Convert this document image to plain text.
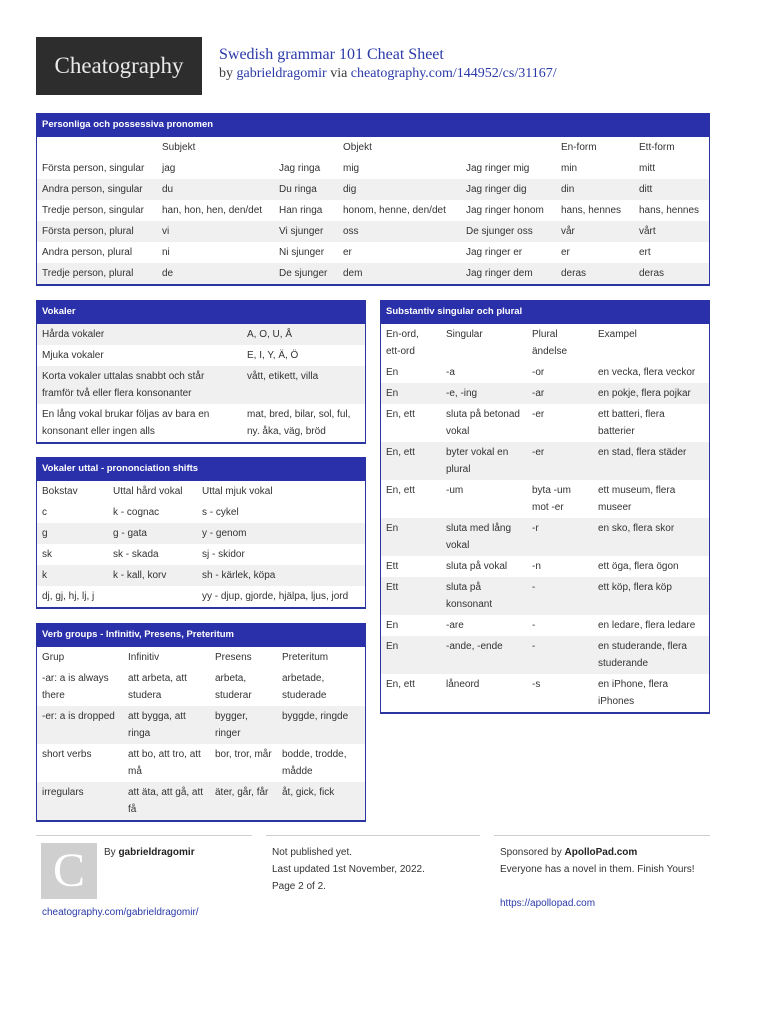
Cheatography	Swedish grammar 101 Cheat Sheet
by gabrieldragomir via cheatography.com/144952/cs/31167/
Personliga och possessiva pronomen
	Subjekt		Objekt		En-form	Ett-form
Första person, singular	jag	Jag ringa	mig	Jag ringer mig	min	mitt
Andra person, singular	du	Du ringa	dig	Jag ringer dig	din	ditt
Tredje person, singular	han, hon, hen, den/det	Han ringa	honom, henne, den/det	Jag ringer honom	hans, hennes	hans, hennes
Första person, plural	vi	Vi sjunger	oss	De sjunger oss	vår	vårt
Andra person, plural	ni	Ni sjunger	er	Jag ringer er	er	ert
Tredje person, plural	de	De sjunger	dem	Jag ringer dem	deras	deras
Vokaler
Hårda vokaler	A, O, U, Å
Mjuka vokaler	E, I, Y, Ä, Ö
Korta vokaler uttalas snabbt och står framför två eller flera konsonanter	vått, etikett, villa
En lång vokal brukar följas av bara en konsonant eller ingen alls	mat, bred, bilar, sol, ful, ny. åka, väg, bröd
Vokaler uttal - prononciation shifts
Bokstav	Uttal hård vokal	Uttal mjuk vokal
c	k - cognac	s - cykel
g	g - gata	y - genom
sk	sk - skada	sj - skidor
k	k - kall, korv	sh - kärlek, köpa
dj, gj, hj, lj, j		yy - djup, gjorde, hjälpa, ljus, jord
Verb groups - Infinitiv, Presens, Preteritum
Grup	Infinitiv	Presens	Preteritum
-ar: a is always there	att arbeta, att studera	arbeta, studerar	arbetade, studerade
-er: a is dropped	att bygga, att ringa	bygger, ringer	byggde, ringde
short verbs	att bo, att tro, att må	bor, tror, mår	bodde, trodde, mådde
irregulars	att äta, att gå, att få	äter, går, får	åt, gick, fick
Substantiv singular och plural
En-ord, ett-ord	Singular	Plural ändelse	Exampel
En	-a	-or	en vecka, flera veckor
En	-e, -ing	-ar	en pokje, flera pojkar
En, ett	sluta på betonad vokal	-er	ett batteri, flera batterier
En, ett	byter vokal en plural	-er	en stad, flera städer
En, ett	-um	byta -um mot -er	ett museum, flera museer
En	sluta med lång vokal	-r	en sko, flera skor
Ett	sluta på vokal	-n	ett öga, flera ögon
Ett	sluta på konsonant	-	ett köp, flera köp
En	-are	-	en ledare, flera ledare
En	-ande, -ende	-	en studerande, flera studerande
En, ett	låneord	-s	en iPhone, flera iPhones
C	By gabrieldragomir
cheatography.com/gabrieldragomir/
Not published yet.
Last updated 1st November, 2022.
Page 2 of 2.
Sponsored by ApolloPad.com
Everyone has a novel in them. Finish Yours!
https://apollopad.com
